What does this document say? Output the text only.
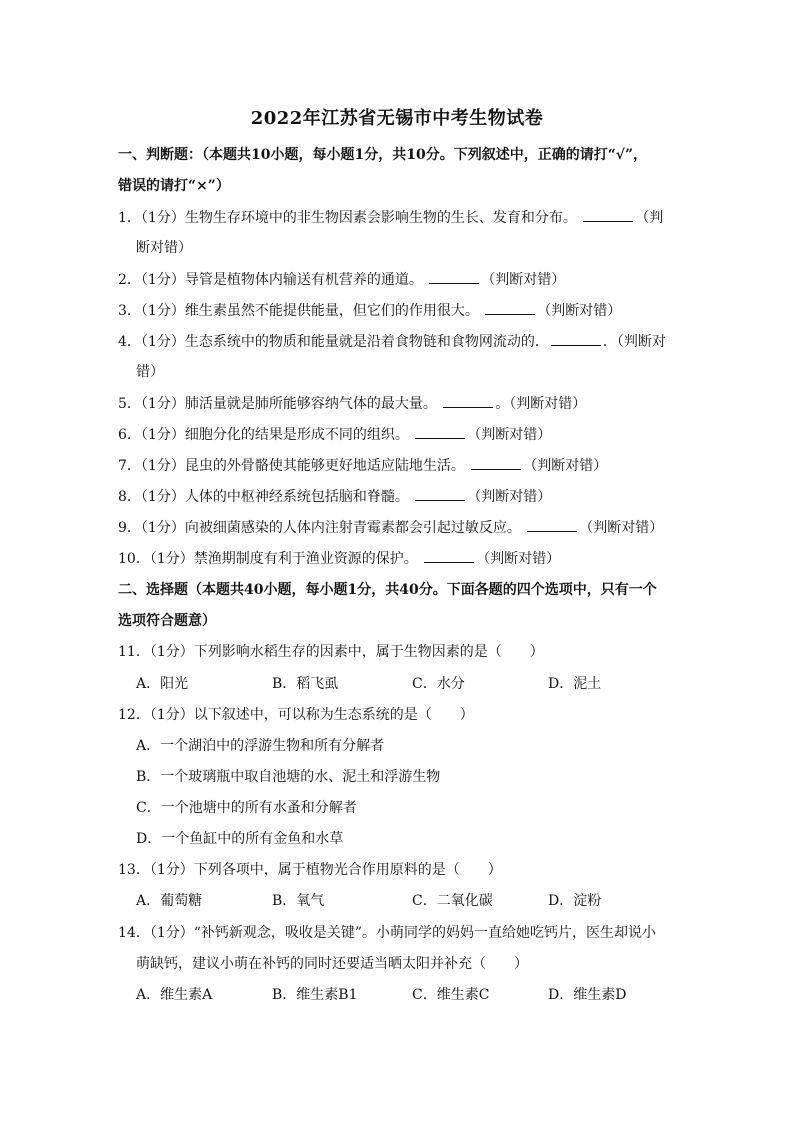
2022年江苏省无锡市中考生物试卷
一、判断题：（本题共10小题，每小题1分，共10分。下列叙述中，正确的请打“√”，
错误的请打“×”）
1．（1分）生物生存环境中的非生物因素会影响生物的生长、发育和分布。	（判
断对错）
2．（1分）导管是植物体内输送有机营养的通道。	（判断对错）
3．（1分）维生素虽然不能提供能量，但它们的作用很大。	（判断对错）
4．（1分）生态系统中的物质和能量就是沿着食物链和食物网流动的．	．（判断对
错）
5．（1分）肺活量就是肺所能够容纳气体的最大量。	。（判断对错）
6．（1分）细胞分化的结果是形成不同的组织。	（判断对错）
7．（1分）昆虫的外骨骼使其能够更好地适应陆地生活。	（判断对错）
8．（1分）人体的中枢神经系统包括脑和脊髓。	（判断对错）
9．（1分）向被细菌感染的人体内注射青霉素都会引起过敏反应。	（判断对错）
10．（1分）禁渔期制度有利于渔业资源的保护。	（判断对错）
二、选择题（本题共40小题，每小题1分，共40分。下面各题的四个选项中，只有一个
选项符合题意）
11．（1分）下列影响水稻生存的因素中，属于生物因素的是（　　）
A．阳光	B．稻飞虱	C．水分	D．泥土
12．（1分）以下叙述中，可以称为生态系统的是（　　）
A．一个湖泊中的浮游生物和所有分解者
B．一个玻璃瓶中取自池塘的水、泥土和浮游生物
C．一个池塘中的所有水蚤和分解者
D．一个鱼缸中的所有金鱼和水草
13．（1分）下列各项中，属于植物光合作用原料的是（　　）
A．葡萄糖	B．氧气	C．二氧化碳	D．淀粉
14．（1分）“补钙新观念，吸收是关键”。小萌同学的妈妈一直给她吃钙片，医生却说小
萌缺钙，建议小萌在补钙的同时还要适当晒太阳并补充（　　）
A．维生素A	B．维生素B1	C．维生素C	D．维生素D
